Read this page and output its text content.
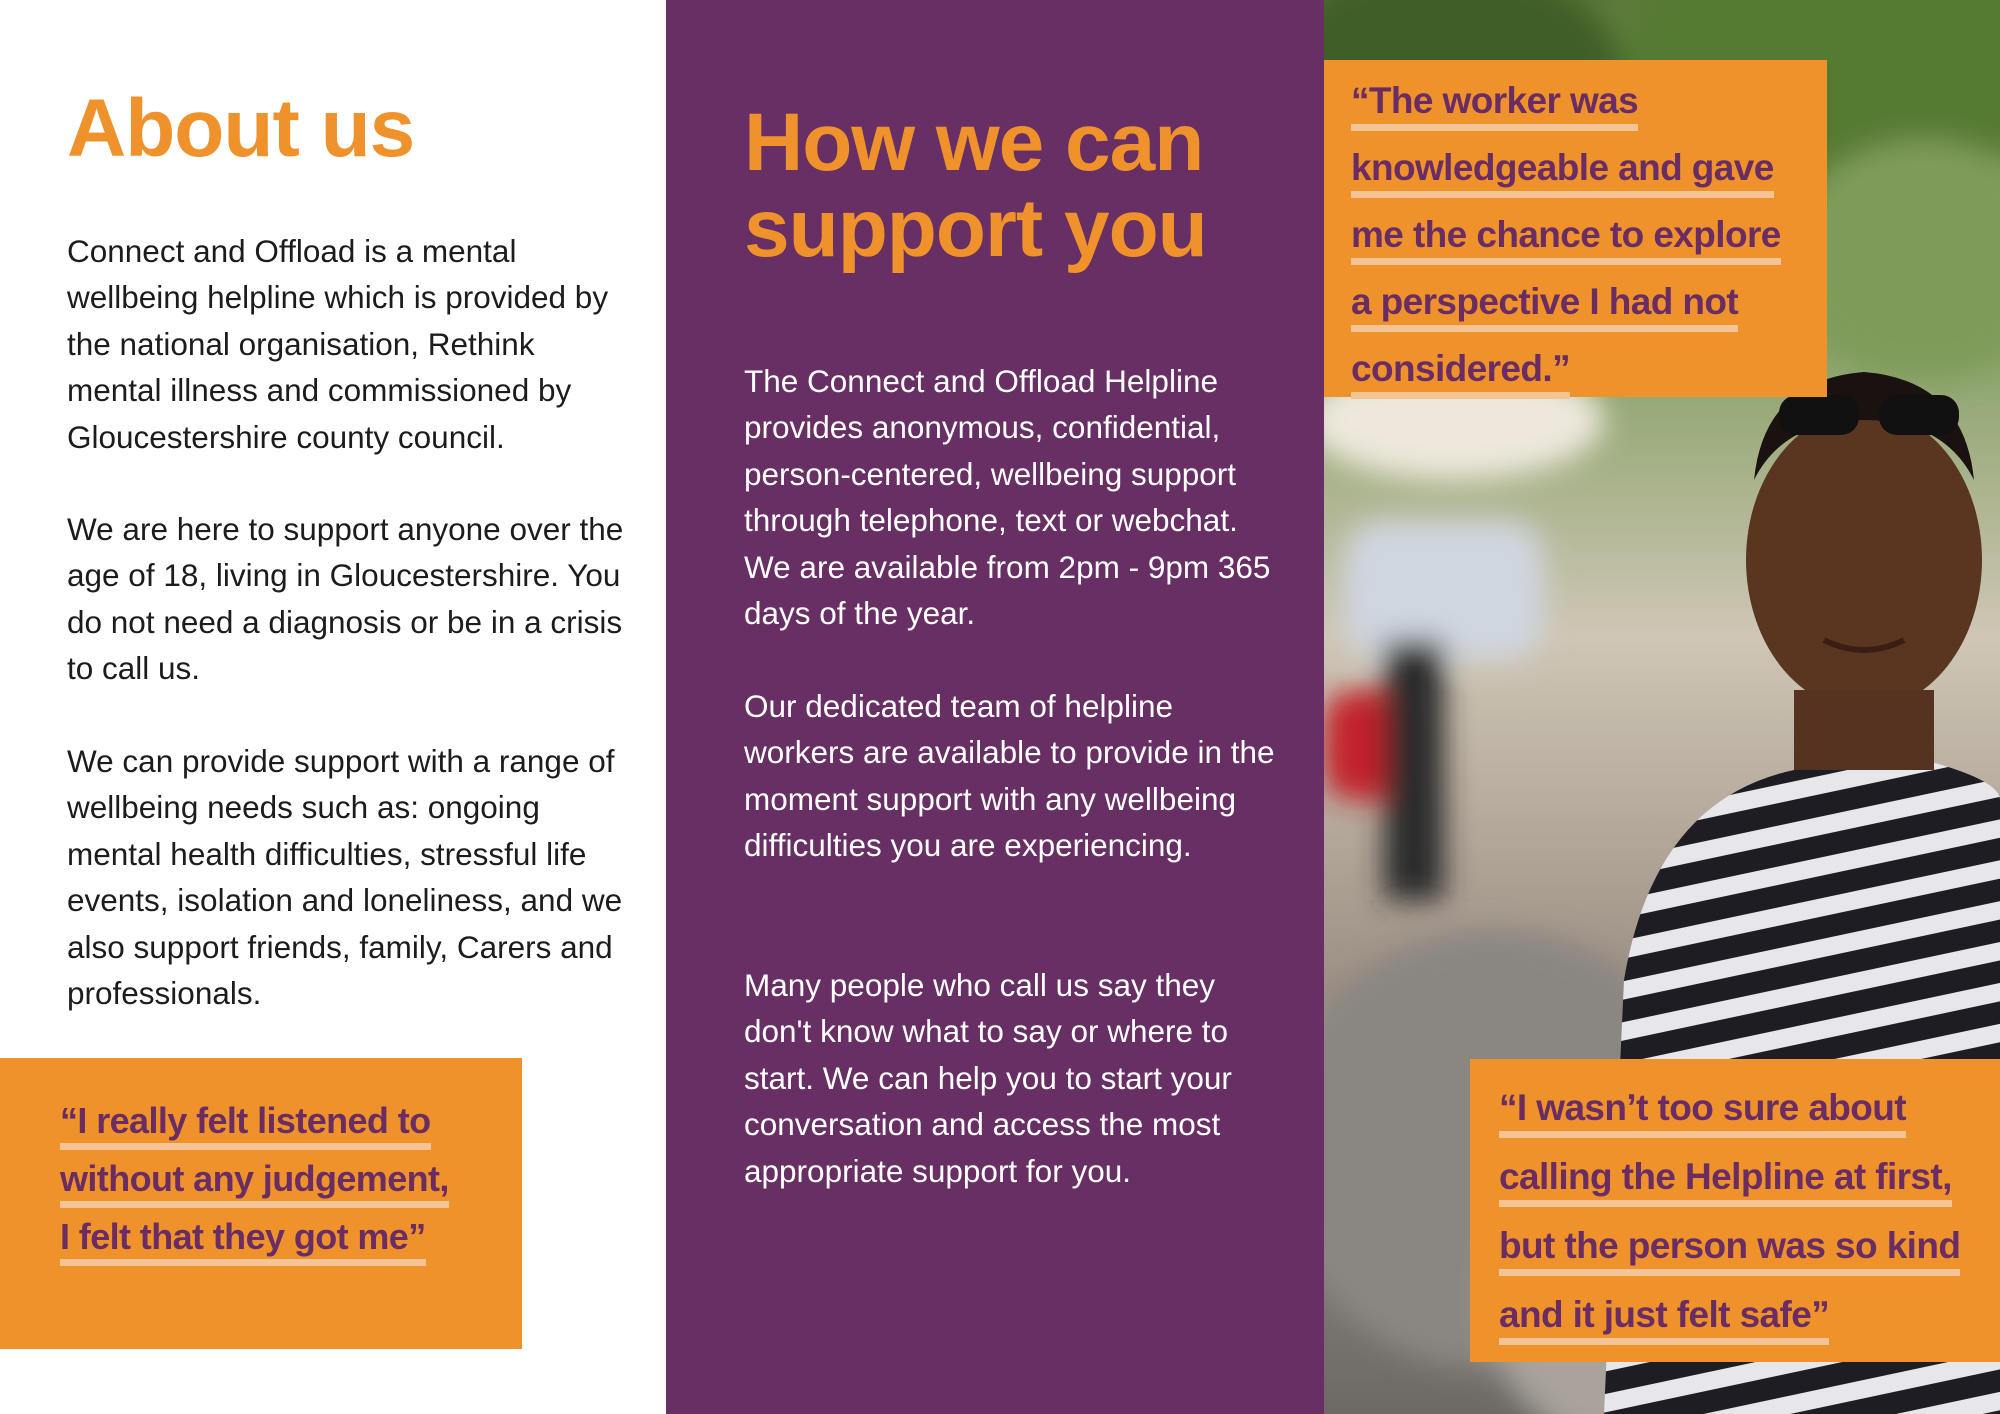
About us

Connect and Offload is a mental wellbeing helpline which is provided by the national organisation, Rethink mental illness and commissioned by Gloucestershire county council.

We are here to support anyone over the age of 18, living in Gloucestershire. You do not need a diagnosis or be in a crisis to call us.

We can provide support with a range of wellbeing needs such as: ongoing mental health difficulties, stressful life events, isolation and loneliness, and we also support friends, family, Carers and professionals.

“I really felt listened to
without any judgement,
I felt that they got me”
How we can support you

The Connect and Offload Helpline provides anonymous, confidential, person-centered, wellbeing support through telephone, text or webchat. We are available from 2pm - 9pm 365 days of the year.

Our dedicated team of helpline workers are available to provide in the moment support with any wellbeing difficulties you are experiencing.

Many people who call us say they don't know what to say or where to start. We can help you to start your conversation and access the most appropriate support for you.

“The worker was
knowledgeable and gave
me the chance to explore
a perspective I had not
considered.”
“I wasn’t too sure about
calling the Helpline at first,
but the person was so kind
and it just felt safe”
